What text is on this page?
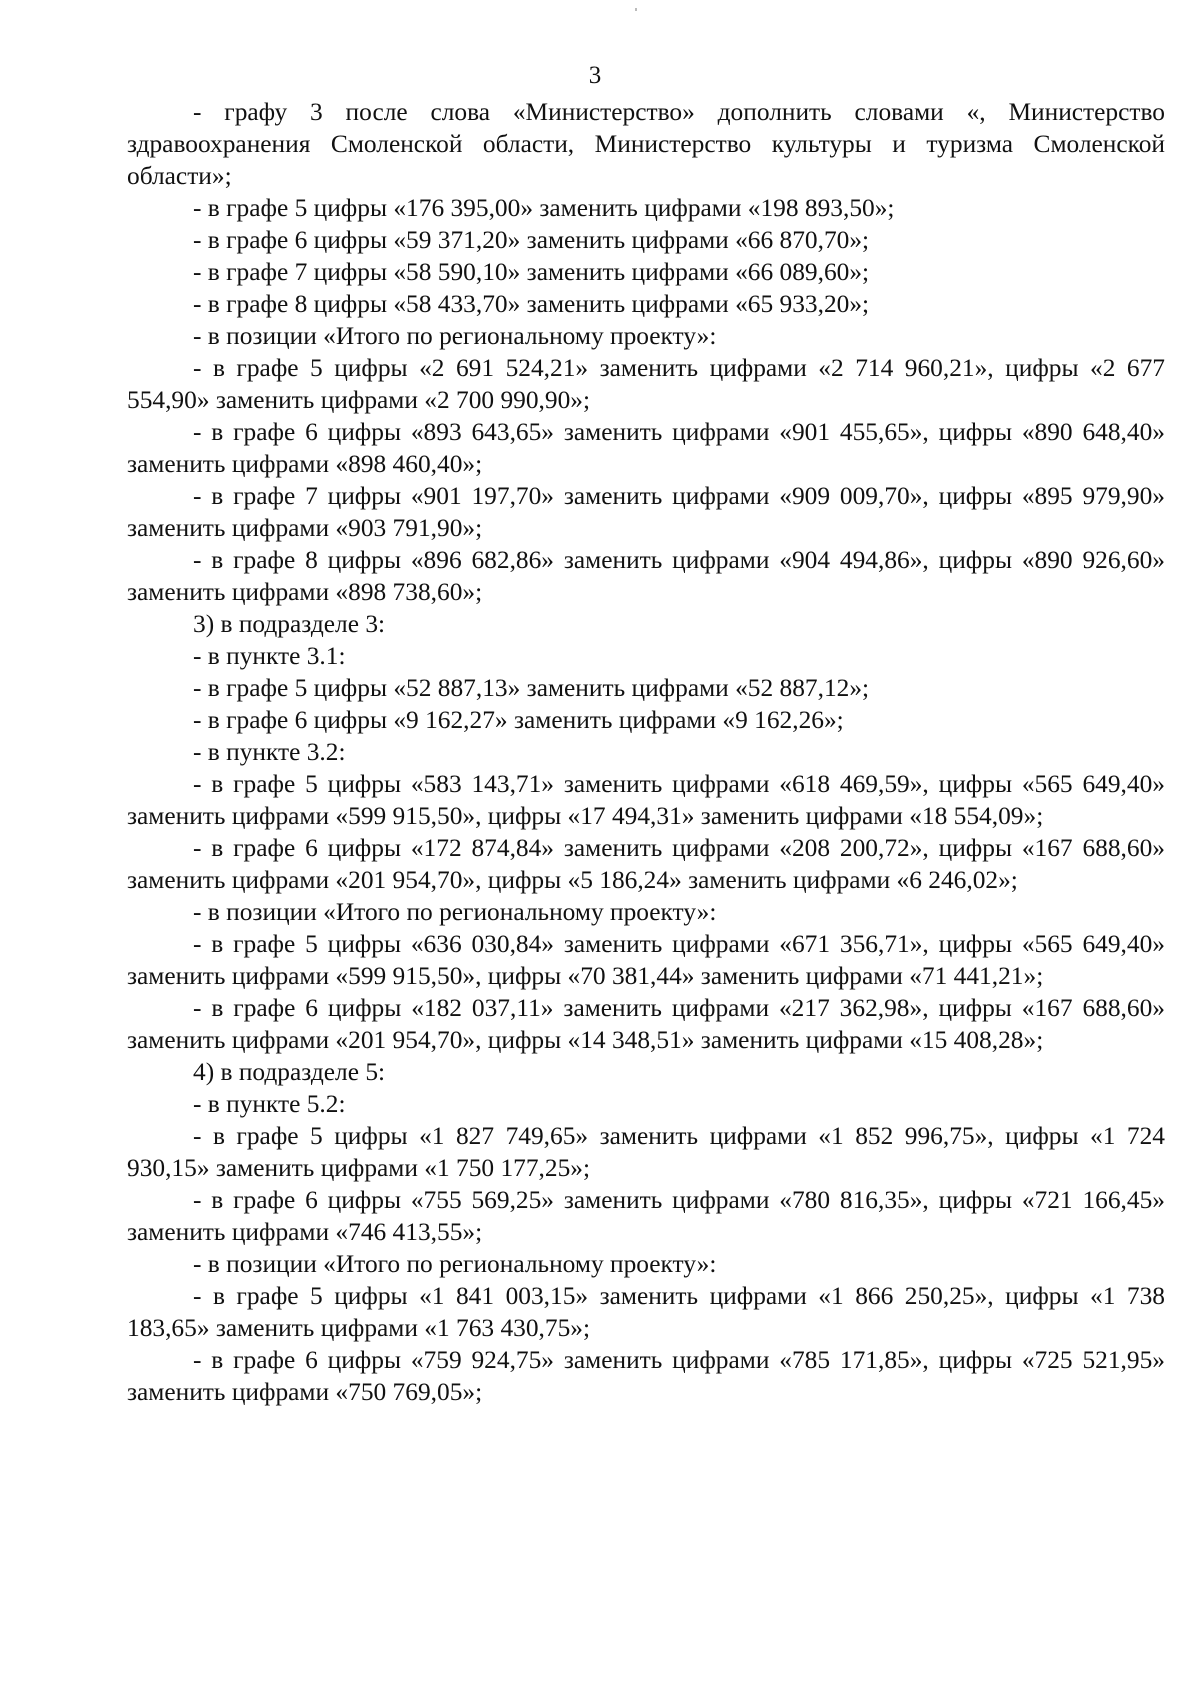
3

- графу 3 после слова «Министерство» дополнить словами «, Министерство здравоохранения Смоленской области, Министерство культуры и туризма Смоленской области»;

- в графе 5 цифры «176 395,00» заменить цифрами «198 893,50»;

- в графе 6 цифры «59 371,20» заменить цифрами «66 870,70»;

- в графе 7 цифры «58 590,10» заменить цифрами «66 089,60»;

- в графе 8 цифры «58 433,70» заменить цифрами «65 933,20»;

- в позиции «Итого по региональному проекту»:

- в графе 5 цифры «2 691 524,21» заменить цифрами «2 714 960,21», цифры «2 677 554,90» заменить цифрами «2 700 990,90»;

- в графе 6 цифры «893 643,65» заменить цифрами «901 455,65», цифры «890 648,40» заменить цифрами «898 460,40»;

- в графе 7 цифры «901 197,70» заменить цифрами «909 009,70», цифры «895 979,90» заменить цифрами «903 791,90»;

- в графе 8 цифры «896 682,86» заменить цифрами «904 494,86», цифры «890 926,60» заменить цифрами «898 738,60»;

3) в подразделе 3:

- в пункте 3.1:

- в графе 5 цифры «52 887,13» заменить цифрами «52 887,12»;

- в графе 6 цифры «9 162,27» заменить цифрами «9 162,26»;

- в пункте 3.2:

- в графе 5 цифры «583 143,71» заменить цифрами «618 469,59», цифры «565 649,40» заменить цифрами «599 915,50», цифры «17 494,31» заменить цифрами «18 554,09»;

- в графе 6 цифры «172 874,84» заменить цифрами «208 200,72», цифры «167 688,60» заменить цифрами «201 954,70», цифры «5 186,24» заменить цифрами «6 246,02»;

- в позиции «Итого по региональному проекту»:

- в графе 5 цифры «636 030,84» заменить цифрами «671 356,71», цифры «565 649,40» заменить цифрами «599 915,50», цифры «70 381,44» заменить цифрами «71 441,21»;

- в графе 6 цифры «182 037,11» заменить цифрами «217 362,98», цифры «167 688,60» заменить цифрами «201 954,70», цифры «14 348,51» заменить цифрами «15 408,28»;

4) в подразделе 5:

- в пункте 5.2:

- в графе 5 цифры «1 827 749,65» заменить цифрами «1 852 996,75», цифры «1 724 930,15» заменить цифрами «1 750 177,25»;

- в графе 6 цифры «755 569,25» заменить цифрами «780 816,35», цифры «721 166,45» заменить цифрами «746 413,55»;

- в позиции «Итого по региональному проекту»:

- в графе 5 цифры «1 841 003,15» заменить цифрами «1 866 250,25», цифры «1 738 183,65» заменить цифрами «1 763 430,75»;

- в графе 6 цифры «759 924,75» заменить цифрами «785 171,85», цифры «725 521,95» заменить цифрами «750 769,05»;
